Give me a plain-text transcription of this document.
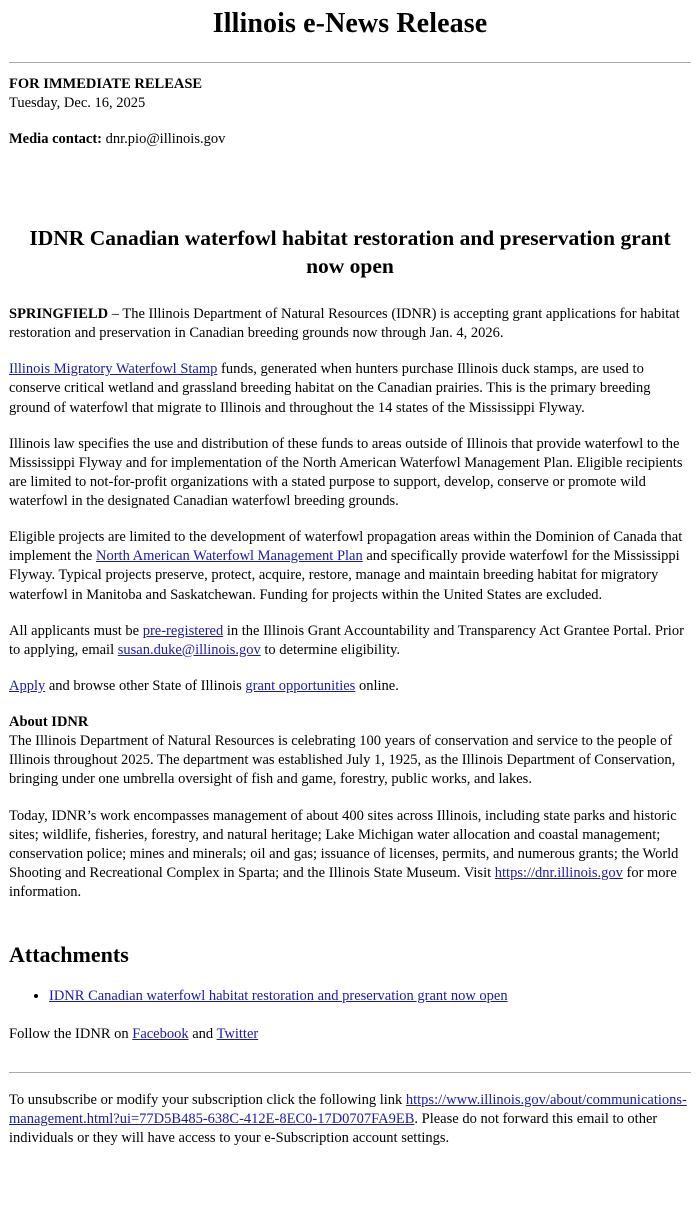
Illinois e-News Release

FOR IMMEDIATE RELEASE

Tuesday, Dec. 16, 2025

Media contact: dnr.pio@illinois.gov

IDNR Canadian waterfowl habitat restoration and preservation grant now open

SPRINGFIELD – The Illinois Department of Natural Resources (IDNR) is accepting grant applications for habitat restoration and preservation in Canadian breeding grounds now through Jan. 4, 2026.

Illinois Migratory Waterfowl Stamp funds, generated when hunters purchase Illinois duck stamps, are used to conserve critical wetland and grassland breeding habitat on the Canadian prairies. This is the primary breeding ground of waterfowl that migrate to Illinois and throughout the 14 states of the Mississippi Flyway.

Illinois law specifies the use and distribution of these funds to areas outside of Illinois that provide waterfowl to the Mississippi Flyway and for implementation of the North American Waterfowl Management Plan. Eligible recipients are limited to not-for-profit organizations with a stated purpose to support, develop, conserve or promote wild waterfowl in the designated Canadian waterfowl breeding grounds.

Eligible projects are limited to the development of waterfowl propagation areas within the Dominion of Canada that implement the North American Waterfowl Management Plan and specifically provide waterfowl for the Mississippi Flyway. Typical projects preserve, protect, acquire, restore, manage and maintain breeding habitat for migratory waterfowl in Manitoba and Saskatchewan. Funding for projects within the United States are excluded.

All applicants must be pre-registered in the Illinois Grant Accountability and Transparency Act Grantee Portal. Prior to applying, email susan.duke@illinois.gov to determine eligibility.

Apply and browse other State of Illinois grant opportunities online.

About IDNR

The Illinois Department of Natural Resources is celebrating 100 years of conservation and service to the people of Illinois throughout 2025. The department was established July 1, 1925, as the Illinois Department of Conservation, bringing under one umbrella oversight of fish and game, forestry, public works, and lakes.

Today, IDNR’s work encompasses management of about 400 sites across Illinois, including state parks and historic sites; wildlife, fisheries, forestry, and natural heritage; Lake Michigan water allocation and coastal management; conservation police; mines and minerals; oil and gas; issuance of licenses, permits, and numerous grants; the World Shooting and Recreational Complex in Sparta; and the Illinois State Museum. Visit https://dnr.illinois.gov for more information.

Attachments
• IDNR Canadian waterfowl habitat restoration and preservation grant now open

Follow the IDNR on Facebook and Twitter

To unsubscribe or modify your subscription click the following link https://www.illinois.gov/about/communications-management.html?ui=77D5B485-638C-412E-8EC0-17D0707FA9EB. Please do not forward this email to other individuals or they will have access to your e-Subscription account settings.
